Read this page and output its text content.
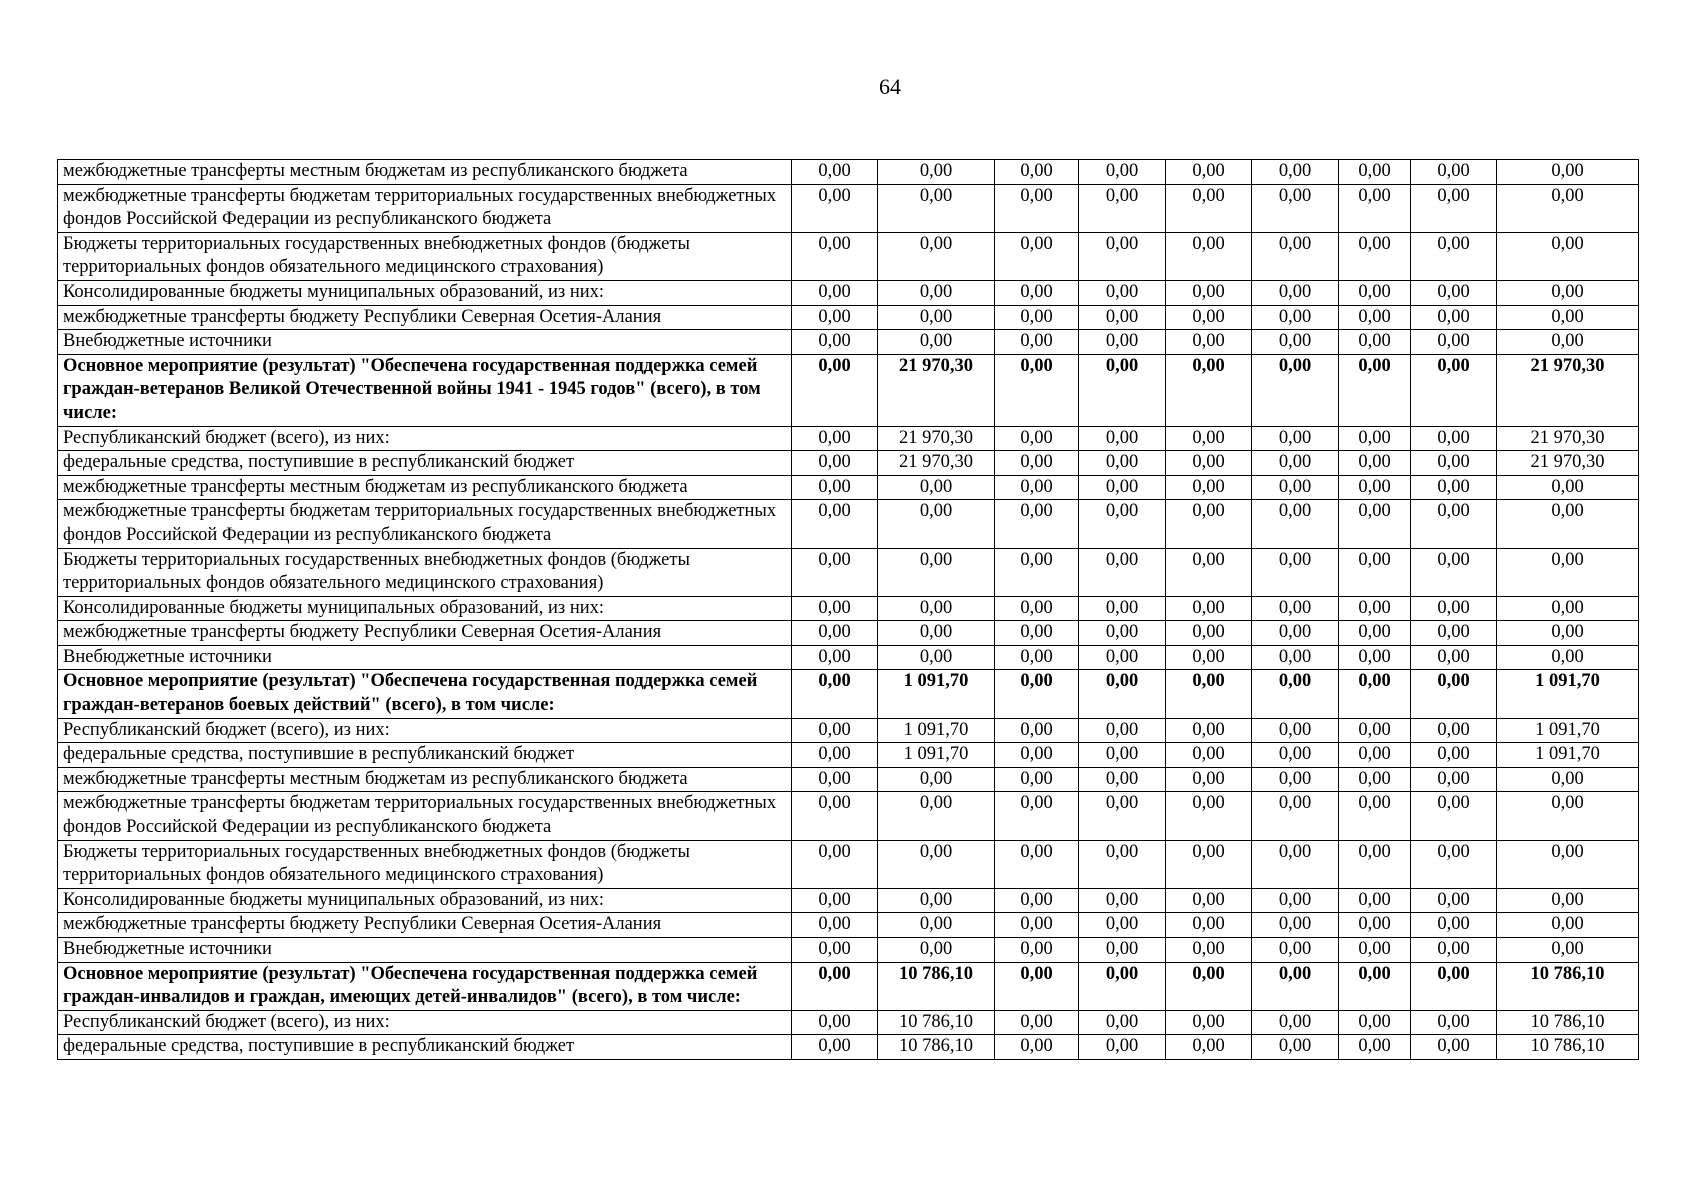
64
межбюджетные трансферты местным бюджетам из республиканского бюджета	0,00	0,00	0,00	0,00	0,00	0,00	0,00	0,00	0,00
межбюджетные трансферты бюджетам территориальных государственных внебюджетных фондов Российской Федерации из республиканского бюджета	0,00	0,00	0,00	0,00	0,00	0,00	0,00	0,00	0,00
Бюджеты территориальных государственных внебюджетных фондов (бюджеты территориальных фондов обязательного медицинского страхования)	0,00	0,00	0,00	0,00	0,00	0,00	0,00	0,00	0,00
Консолидированные бюджеты муниципальных образований, из них:	0,00	0,00	0,00	0,00	0,00	0,00	0,00	0,00	0,00
межбюджетные трансферты бюджету Республики Северная Осетия-Алания	0,00	0,00	0,00	0,00	0,00	0,00	0,00	0,00	0,00
Внебюджетные источники	0,00	0,00	0,00	0,00	0,00	0,00	0,00	0,00	0,00
Основное мероприятие (результат) "Обеспечена государственная поддержка семей граждан-ветеранов Великой Отечественной войны 1941 - 1945 годов" (всего), в том числе:	0,00	21 970,30	0,00	0,00	0,00	0,00	0,00	0,00	21 970,30
Республиканский бюджет (всего), из них:	0,00	21 970,30	0,00	0,00	0,00	0,00	0,00	0,00	21 970,30
федеральные средства, поступившие в республиканский бюджет	0,00	21 970,30	0,00	0,00	0,00	0,00	0,00	0,00	21 970,30
межбюджетные трансферты местным бюджетам из республиканского бюджета	0,00	0,00	0,00	0,00	0,00	0,00	0,00	0,00	0,00
межбюджетные трансферты бюджетам территориальных государственных внебюджетных фондов Российской Федерации из республиканского бюджета	0,00	0,00	0,00	0,00	0,00	0,00	0,00	0,00	0,00
Бюджеты территориальных государственных внебюджетных фондов (бюджеты территориальных фондов обязательного медицинского страхования)	0,00	0,00	0,00	0,00	0,00	0,00	0,00	0,00	0,00
Консолидированные бюджеты муниципальных образований, из них:	0,00	0,00	0,00	0,00	0,00	0,00	0,00	0,00	0,00
межбюджетные трансферты бюджету Республики Северная Осетия-Алания	0,00	0,00	0,00	0,00	0,00	0,00	0,00	0,00	0,00
Внебюджетные источники	0,00	0,00	0,00	0,00	0,00	0,00	0,00	0,00	0,00
Основное мероприятие (результат) "Обеспечена государственная поддержка семей граждан-ветеранов боевых действий" (всего), в том числе:	0,00	1 091,70	0,00	0,00	0,00	0,00	0,00	0,00	1 091,70
Республиканский бюджет (всего), из них:	0,00	1 091,70	0,00	0,00	0,00	0,00	0,00	0,00	1 091,70
федеральные средства, поступившие в республиканский бюджет	0,00	1 091,70	0,00	0,00	0,00	0,00	0,00	0,00	1 091,70
межбюджетные трансферты местным бюджетам из республиканского бюджета	0,00	0,00	0,00	0,00	0,00	0,00	0,00	0,00	0,00
межбюджетные трансферты бюджетам территориальных государственных внебюджетных фондов Российской Федерации из республиканского бюджета	0,00	0,00	0,00	0,00	0,00	0,00	0,00	0,00	0,00
Бюджеты территориальных государственных внебюджетных фондов (бюджеты территориальных фондов обязательного медицинского страхования)	0,00	0,00	0,00	0,00	0,00	0,00	0,00	0,00	0,00
Консолидированные бюджеты муниципальных образований, из них:	0,00	0,00	0,00	0,00	0,00	0,00	0,00	0,00	0,00
межбюджетные трансферты бюджету Республики Северная Осетия-Алания	0,00	0,00	0,00	0,00	0,00	0,00	0,00	0,00	0,00
Внебюджетные источники	0,00	0,00	0,00	0,00	0,00	0,00	0,00	0,00	0,00
Основное мероприятие (результат) "Обеспечена государственная поддержка семей граждан-инвалидов и граждан, имеющих детей-инвалидов" (всего), в том числе:	0,00	10 786,10	0,00	0,00	0,00	0,00	0,00	0,00	10 786,10
Республиканский бюджет (всего), из них:	0,00	10 786,10	0,00	0,00	0,00	0,00	0,00	0,00	10 786,10
федеральные средства, поступившие в республиканский бюджет	0,00	10 786,10	0,00	0,00	0,00	0,00	0,00	0,00	10 786,10
